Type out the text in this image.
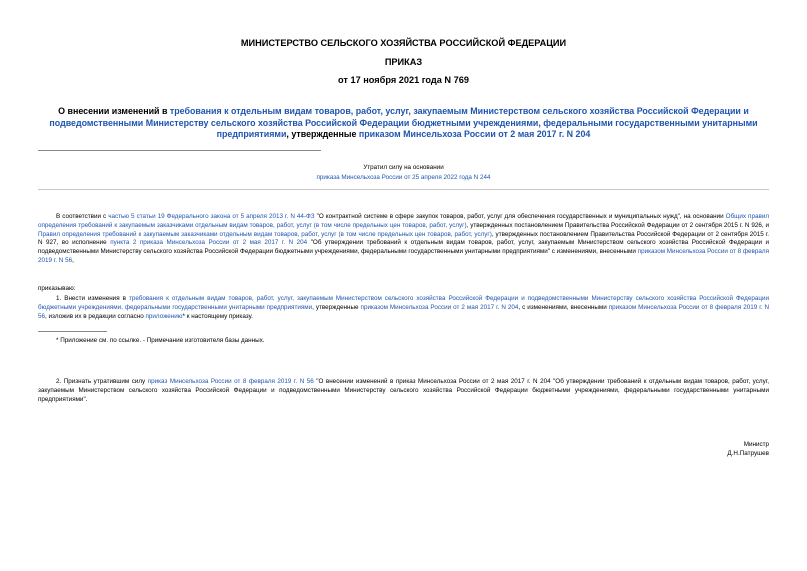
МИНИСТЕРСТВО СЕЛЬСКОГО ХОЗЯЙСТВА РОССИЙСКОЙ ФЕДЕРАЦИИ
ПРИКАЗ
от 17 ноября 2021 года N 769
О внесении изменений в требования к отдельным видам товаров, работ, услуг, закупаемым Министерством сельского хозяйства Российской Федерации и подведомственными Министерству сельского хозяйства Российской Федерации бюджетными учреждениями, федеральными государственными унитарными предприятиями, утвержденные приказом Минсельхоза России от 2 мая 2017 г. N 204
Утратил силу на основании
приказа Минсельхоза России от 25 апреля 2022 года N 244
В соответствии с частью 5 статьи 19 Федерального закона от 5 апреля 2013 г. N 44-ФЗ "О контрактной системе в сфере закупок товаров, работ, услуг для обеспечения государственных и муниципальных нужд", на основании Общих правил определения требований к закупаемым заказчиками отдельным видам товаров, работ, услуг (в том числе предельных цен товаров, работ, услуг), утвержденных постановлением Правительства Российской Федерации от 2 сентября 2015 г. N 926, и Правил определения требований к закупаемым заказчиками отдельным видам товаров, работ, услуг (в том числе предельных цен товаров, работ, услуг), утвержденных постановлением Правительства Российской Федерации от 2 сентября 2015 г. N 927, во исполнение пункта 2 приказа Минсельхоза России от 2 мая 2017 г. N 204 "Об утверждении требований к отдельным видам товаров, работ, услуг, закупаемым Министерством сельского хозяйства Российской Федерации и подведомственными Министерству сельского хозяйства Российской Федерации бюджетными учреждениями, федеральными государственными унитарными предприятиями" с изменениями, внесенными приказом Минсельхоза России от 8 февраля 2019 г. N 56,
приказываю:
1. Внести изменения в требования к отдельным видам товаров, работ, услуг, закупаемым Министерством сельского хозяйства Российской Федерации и подведомственными Министерству сельского хозяйства Российской Федерации бюджетными учреждениями, федеральными государственными унитарными предприятиями, утвержденные приказом Минсельхоза России от 2 мая 2017 г. N 204, с изменениями, внесенными приказом Минсельхоза России от 8 февраля 2019 г. N 56, изложив их в редакции согласно приложению* к настоящему приказу.
* Приложение см. по ссылке. - Примечание изготовителя базы данных.
2. Признать утратившим силу приказ Минсельхоза России от 8 февраля 2019 г. N 56 "О внесении изменений в приказ Минсельхоза России от 2 мая 2017 г. N 204 "Об утверждении требований к отдельным видам товаров, работ, услуг, закупаемым Министерством сельского хозяйства Российской Федерации и подведомственными Министерству сельского хозяйства Российской Федерации бюджетными учреждениями, федеральными государственными унитарными предприятиями".
Министр
Д.Н.Патрушев
